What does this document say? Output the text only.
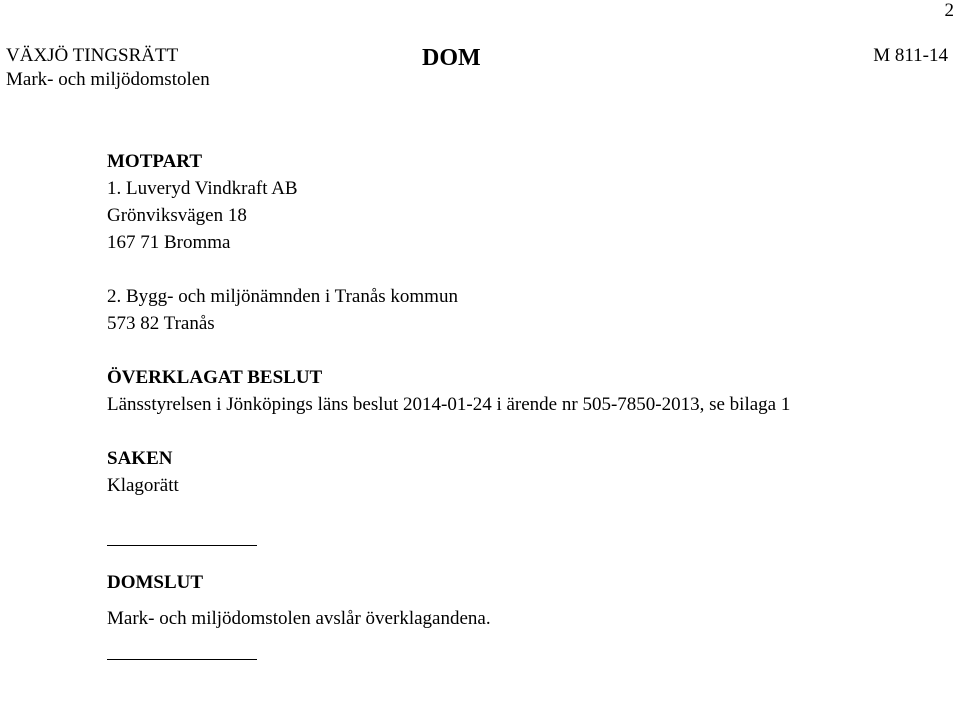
2
VÄXJÖ TINGSRÄTT
Mark- och miljödomstolen
DOM	M 811-14
MOTPART
1. Luveryd Vindkraft AB
Grönviksvägen 18
167 71 Bromma
2. Bygg- och miljönämnden i Tranås kommun
573 82 Tranås
ÖVERKLAGAT BESLUT
Länsstyrelsen i Jönköpings läns beslut 2014-01-24 i ärende nr 505-7850-2013, se bilaga 1
SAKEN
Klagorätt
DOMSLUT
Mark- och miljödomstolen avslår överklagandena.
